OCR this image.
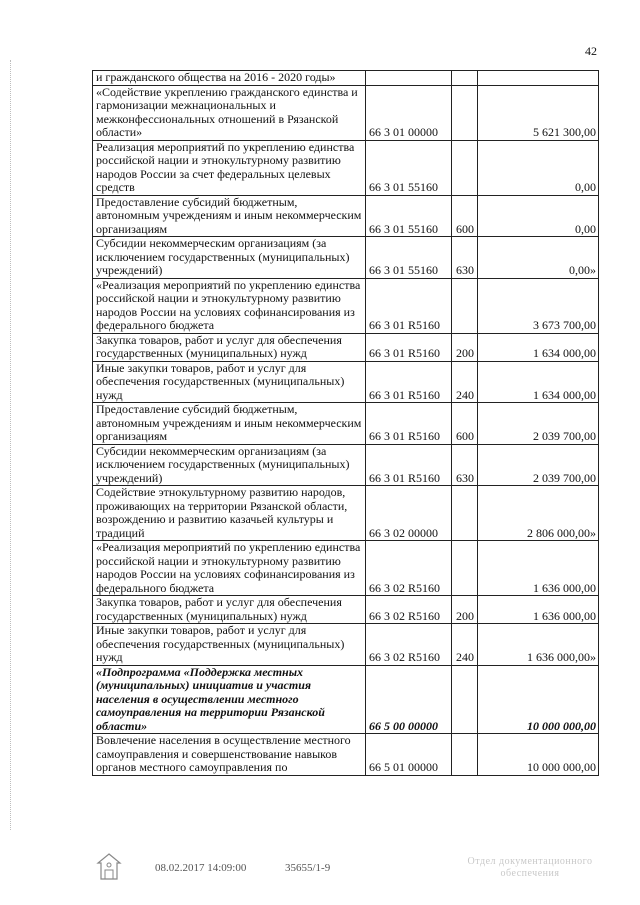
42
и гражданского общества на 2016 - 2020 годы»			
«Содействие укреплению гражданского единства и гармонизации межнациональных и межконфессиональных отношений в Рязанской области»	66 3 01 00000		5 621 300,00
Реализация мероприятий по укреплению единства российской нации и этнокультурному развитию народов России за счет федеральных целевых средств	66 3 01 55160		0,00
Предоставление субсидий бюджетным, автономным учреждениям и иным некоммерческим организациям	66 3 01 55160	600	0,00
Субсидии некоммерческим организациям (за исключением государственных (муниципальных) учреждений)	66 3 01 55160	630	0,00»
«Реализация мероприятий по укреплению единства российской нации и этнокультурному развитию народов России на условиях софинансирования из федерального бюджета	66 3 01 R5160		3 673 700,00
Закупка товаров, работ и услуг для обеспечения государственных (муниципальных) нужд	66 3 01 R5160	200	1 634 000,00
Иные закупки товаров, работ и услуг для обеспечения государственных (муниципальных) нужд	66 3 01 R5160	240	1 634 000,00
Предоставление субсидий бюджетным, автономным учреждениям и иным некоммерческим организациям	66 3 01 R5160	600	2 039 700,00
Субсидии некоммерческим организациям (за исключением государственных (муниципальных) учреждений)	66 3 01 R5160	630	2 039 700,00
Содействие этнокультурному развитию народов, проживающих на территории Рязанской области, возрождению и развитию казачьей культуры и традиций	66 3 02 00000		2 806 000,00»
«Реализация мероприятий по укреплению единства российской нации и этнокультурному развитию народов России на условиях софинансирования из федерального бюджета	66 3 02 R5160		1 636 000,00
Закупка товаров, работ и услуг для обеспечения государственных (муниципальных) нужд	66 3 02 R5160	200	1 636 000,00
Иные закупки товаров, работ и услуг для обеспечения государственных (муниципальных) нужд	66 3 02 R5160	240	1 636 000,00»
«Подпрограмма «Поддержка местных (муниципальных) инициатив и участия населения в осуществлении местного самоуправления на территории Рязанской области»	66 5 00 00000		10 000 000,00
Вовлечение населения в осуществление местного самоуправления и совершенствование навыков органов местного самоуправления по	66 5 01 00000		10 000 000,00
08.02.2017 14:09:00	35655/1-9
Отдел документационного
обеспечения
